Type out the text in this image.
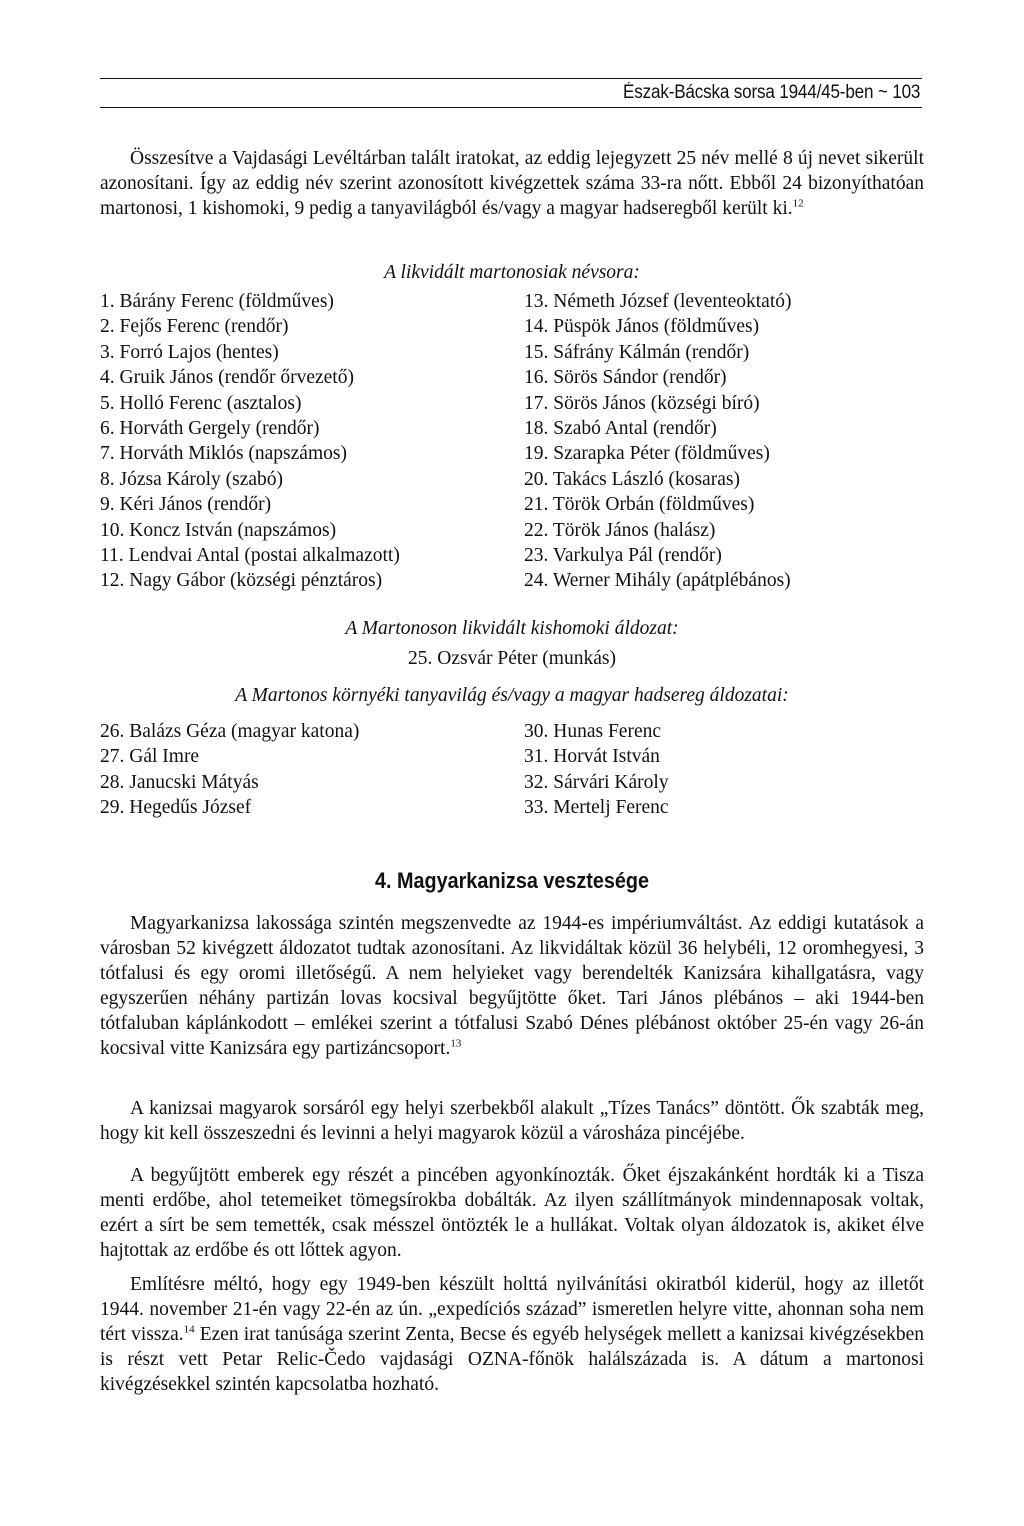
Észak-Bácska sorsa 1944/45-ben ~ 103

Összesítve a Vajdasági Levéltárban talált iratokat, az eddig lejegyzett 25 név mellé 8 új nevet sikerült azonosítani. Így az eddig név szerint azonosított kivégzettek száma 33-ra nőtt. Ebből 24 bizonyíthatóan martonosi, 1 kishomoki, 9 pedig a tanyavilágból és/vagy a magyar hadseregből került ki.$^{12}$

A likvidált martonosiak névsora:
1. Bárány Ferenc (földműves)
2. Fejős Ferenc (rendőr)
3. Forró Lajos (hentes)
4. Gruik János (rendőr őrvezető)
5. Holló Ferenc (asztalos)
6. Horváth Gergely (rendőr)
7. Horváth Miklós (napszámos)
8. Józsa Károly (szabó)
9. Kéri János (rendőr)
10. Koncz István (napszámos)
11. Lendvai Antal (postai alkalmazott)
12. Nagy Gábor (községi pénztáros)
13. Németh József (leventeoktató)
14. Püspök János (földműves)
15. Sáfrány Kálmán (rendőr)
16. Sörös Sándor (rendőr)
17. Sörös János (községi bíró)
18. Szabó Antal (rendőr)
19. Szarapka Péter (földműves)
20. Takács László (kosaras)
21. Török Orbán (földműves)
22. Török János (halász)
23. Varkulya Pál (rendőr)
24. Werner Mihály (apátplébános)
A Martonoson likvidált kishomoki áldozat:
25. Ozsvár Péter (munkás)
A Martonos környéki tanyavilág és/vagy a magyar hadsereg áldozatai:
26. Balázs Géza (magyar katona)
27. Gál Imre
28. Janucski Mátyás
29. Hegedűs József
30. Hunas Ferenc
31. Horvát István
32. Sárvári Károly
33. Mertelj Ferenc
4. Magyarkanizsa vesztesége

Magyarkanizsa lakossága szintén megszenvedte az 1944-es impériumváltást. Az eddigi kutatások a városban 52 kivégzett áldozatot tudtak azonosítani. Az likvidáltak közül 36 helybéli, 12 oromhegyesi, 3 tótfalusi és egy oromi illetőségű. A nem helyieket vagy berendelték Kanizsára kihallgatásra, vagy egyszerűen néhány partizán lovas kocsival begyűjtötte őket. Tari János plébános – aki 1944-ben tótfaluban káplánkodott – emlékei szerint a tótfalusi Szabó Dénes plébánost október 25-én vagy 26-án kocsival vitte Kanizsára egy partizáncsoport.$^{13}$

A kanizsai magyarok sorsáról egy helyi szerbekből alakult „Tízes Tanács” döntött. Ők szabták meg, hogy kit kell összeszedni és levinni a helyi magyarok közül a városháza pincéjébe.

A begyűjtött emberek egy részét a pincében agyonkínozták. Őket éjszakánként hordták ki a Tisza menti erdőbe, ahol tetemeiket tömegsírokba dobálták. Az ilyen szállítmányok mindennaposak voltak, ezért a sírt be sem temették, csak mésszel öntözték le a hullákat. Voltak olyan áldozatok is, akiket élve hajtottak az erdőbe és ott lőttek agyon.

Említésre méltó, hogy egy 1949-ben készült holttá nyilvánítási okiratból kiderül, hogy az illetőt 1944. november 21-én vagy 22-én az ún. „expedíciós század” ismeretlen helyre vitte, ahonnan soha nem tért vissza.$^{14}$ Ezen irat tanúsága szerint Zenta, Becse és egyéb helységek mellett a kanizsai kivégzésekben is részt vett Petar Relic-Čedo vajdasági OZNA-főnök halálszázada is. A dátum a martonosi kivégzésekkel szintén kapcsolatba hozható.
